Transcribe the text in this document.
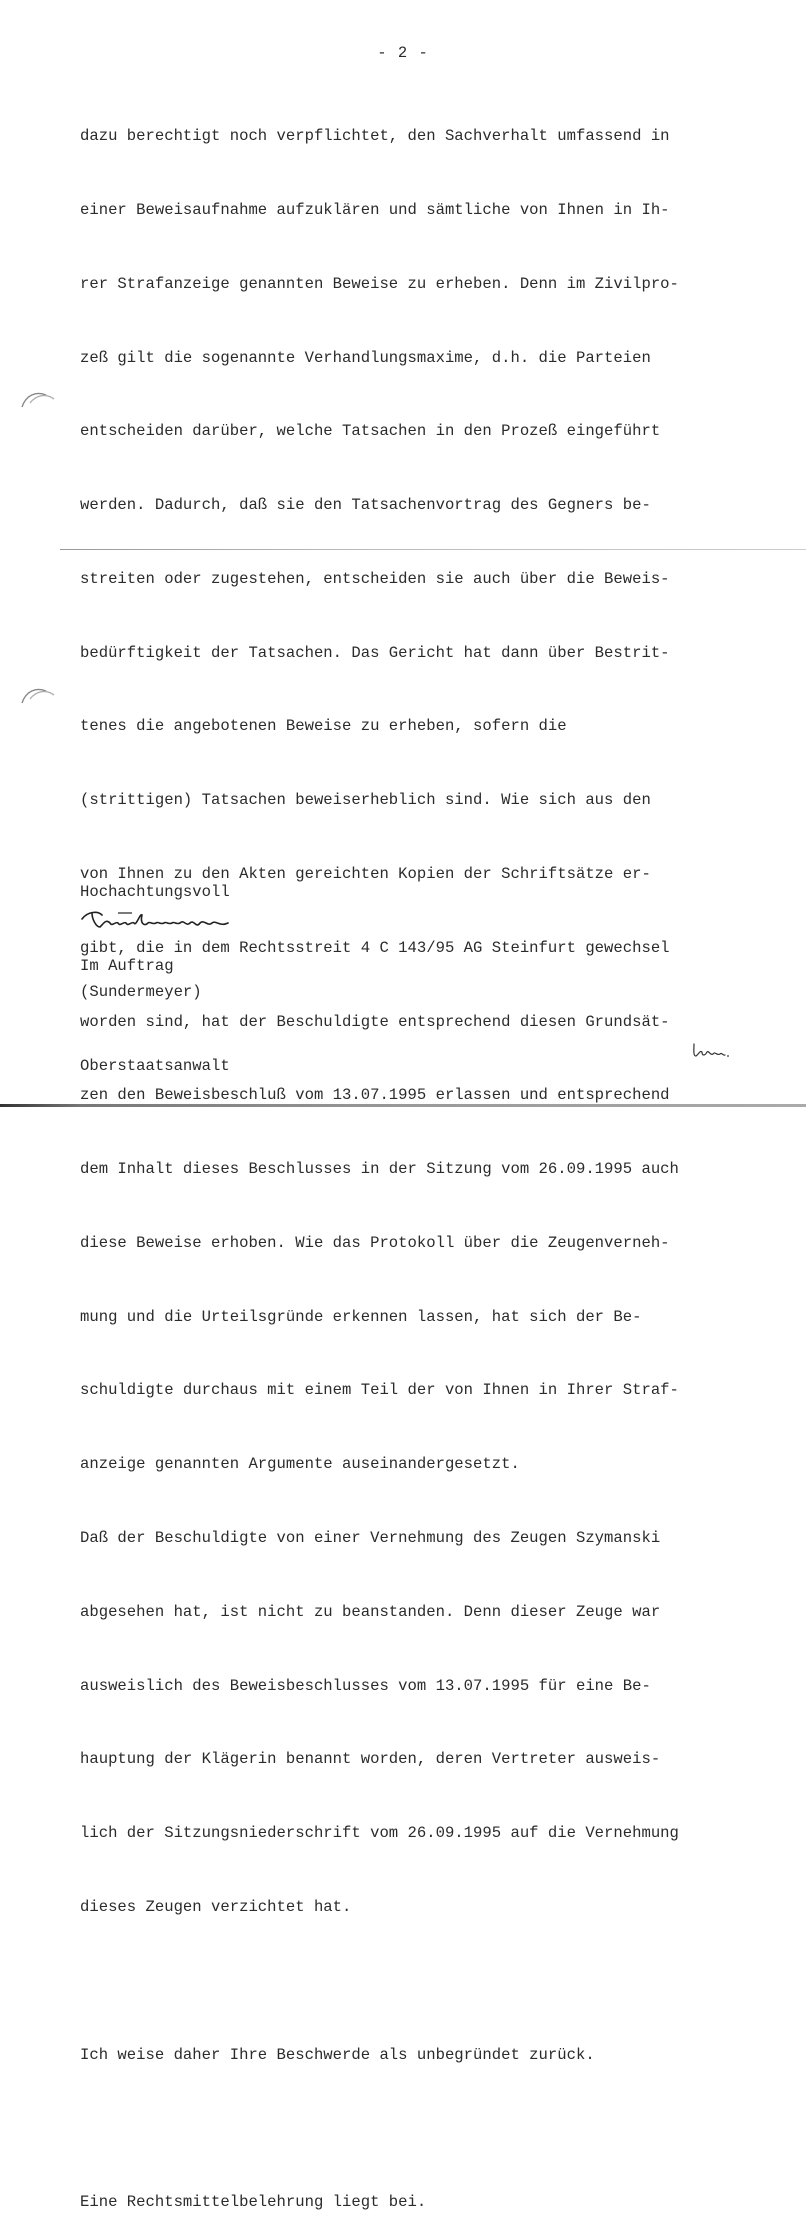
- 2 -

dazu berechtigt noch verpflichtet, den Sachverhalt umfassend in

einer Beweisaufnahme aufzuklären und sämtliche von Ihnen in Ih-

rer Strafanzeige genannten Beweise zu erheben. Denn im Zivilpro-

zeß gilt die sogenannte Verhandlungsmaxime, d.h. die Parteien

entscheiden darüber, welche Tatsachen in den Prozeß eingeführt

werden. Dadurch, daß sie den Tatsachenvortrag des Gegners be-

streiten oder zugestehen, entscheiden sie auch über die Beweis-

bedürftigkeit der Tatsachen. Das Gericht hat dann über Bestrit-

tenes die angebotenen Beweise zu erheben, sofern die

(strittigen) Tatsachen beweiserheblich sind. Wie sich aus den

von Ihnen zu den Akten gereichten Kopien der Schriftsätze er-

gibt, die in dem Rechtsstreit 4 C 143/95 AG Steinfurt gewechsel

worden sind, hat der Beschuldigte entsprechend diesen Grundsät-

zen den Beweisbeschluß vom 13.07.1995 erlassen und entsprechend

dem Inhalt dieses Beschlusses in der Sitzung vom 26.09.1995 auch

diese Beweise erhoben. Wie das Protokoll über die Zeugenverneh-

mung und die Urteilsgründe erkennen lassen, hat sich der Be-

schuldigte durchaus mit einem Teil der von Ihnen in Ihrer Straf-

anzeige genannten Argumente auseinandergesetzt.

Daß der Beschuldigte von einer Vernehmung des Zeugen Szymanski

abgesehen hat, ist nicht zu beanstanden. Denn dieser Zeuge war

ausweislich des Beweisbeschlusses vom 13.07.1995 für eine Be-

hauptung der Klägerin benannt worden, deren Vertreter ausweis-

lich der Sitzungsniederschrift vom 26.09.1995 auf die Vernehmung

dieses Zeugen verzichtet hat.

Ich weise daher Ihre Beschwerde als unbegründet zurück.

Eine Rechtsmittelbelehrung liegt bei.

Hochachtungsvoll

Im Auftrag

(Sundermeyer)

Oberstaatsanwalt
